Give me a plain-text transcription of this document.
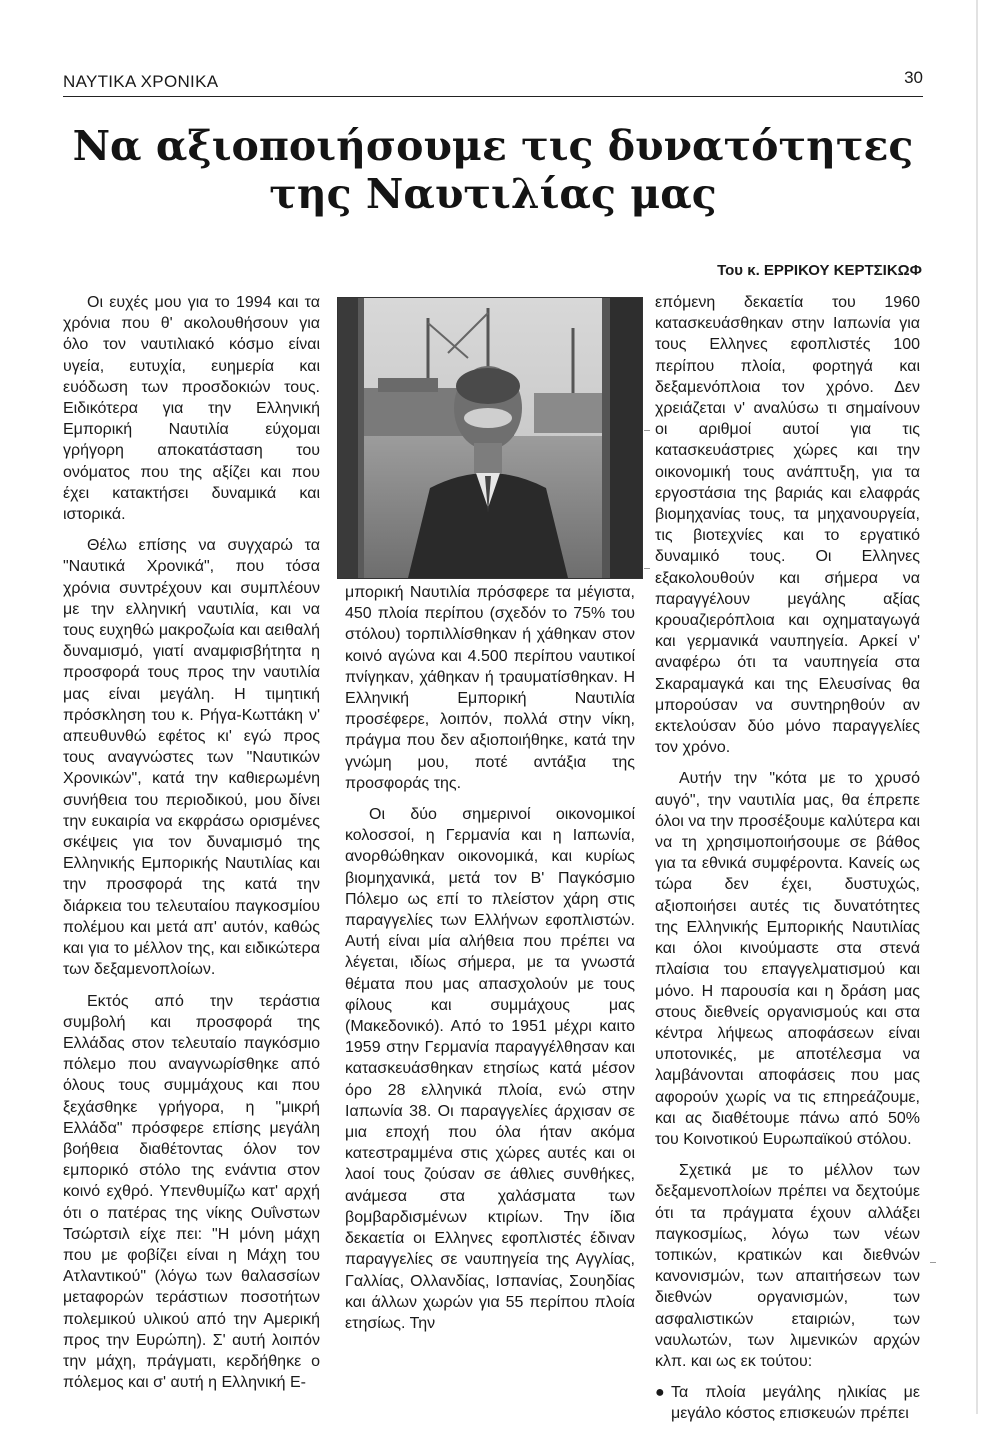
ΝΑΥΤΙΚΑ ΧΡΟΝΙΚΑ	30
Να αξιοποιήσουμε τις δυνατότητες της Ναυτιλίας μας
Του κ. ΕΡΡΙΚΟΥ ΚΕΡΤΣΙΚΩΦ

Οι ευχές μου για το 1994 και τα χρόνια που θ' ακολουθήσουν για όλο τον ναυτιλιακό κόσμο είναι υγεία, ευτυχία, ευημερία και ευόδωση των προσδοκιών τους. Ειδικότερα για την Ελληνική Εμπορική Ναυτιλία εύχομαι γρήγορη αποκατάσταση του ονόματος που της αξίζει και που έχει κατακτήσει δυναμικά και ιστορικά.

Θέλω επίσης να συγχαρώ τα "Ναυτικά Χρονικά", που τόσα χρόνια συντρέχουν και συμπλέουν με την ελληνική ναυτιλία, και να τους ευχηθώ μακροζωία και αειθαλή δυναμισμό, γιατί αναμφισβήτητα η προσφορά τους προς την ναυτιλία μας είναι μεγάλη. Η τιμητική πρόσκληση του κ. Ρήγα-Κωττάκη ν' απευθυνθώ εφέτος κι' εγώ προς τους αναγνώστες των "Ναυτικών Χρονικών", κατά την καθιερωμένη συνήθεια του περιοδικού, μου δίνει την ευκαιρία να εκφράσω ορισμένες σκέψεις για τον δυναμισμό της Ελληνικής Εμπορικής Ναυτιλίας και την προσφορά της κατά την διάρκεια του τελευταίου παγκοσμίου πολέμου και μετά απ' αυτόν, καθώς και για το μέλλον της, και ειδικώτερα των δεξαμενοπλοίων.

Εκτός από την τεράστια συμβολή και προσφορά της Ελλάδας στον τελευταίο παγκόσμιο πόλεμο που αναγνωρίσθηκε από όλους τους συμμάχους και που ξεχάσθηκε γρήγορα, η "μικρή Ελλάδα" πρόσφερε επίσης μεγάλη βοήθεια διαθέτοντας όλον τον εμπορικό στόλο της ενάντια στον κοινό εχθρό. Υπενθυμίζω κατ' αρχή ότι ο πατέρας της νίκης Ουΐνστων Τσώρτσιλ είχε πει: "Η μόνη μάχη που με φοβίζει είναι η Μάχη του Ατλαντικού" (λόγω των θαλασσίων μεταφορών τεράστιων ποσοτήτων πολεμικού υλικού από την Αμερική προς την Ευρώπη). Σ' αυτή λοιπόν την μάχη, πράγματι, κερδήθηκε ο πόλεμος και σ' αυτή η Ελληνική Ε-

μπορική Ναυτιλία πρόσφερε τα μέγιστα, 450 πλοία περίπου (σχεδόν το 75% του στόλου) τορπιλλίσθηκαν ή χάθηκαν στον κοινό αγώνα και 4.500 περίπου ναυτικοί πνίγηκαν, χάθηκαν ή τραυματίσθηκαν. Η Ελληνική Εμπορική Ναυτιλία προσέφερε, λοιπόν, πολλά στην νίκη, πράγμα που δεν αξιοποιήθηκε, κατά την γνώμη μου, ποτέ αντάξια της προσφοράς της.

Οι δύο σημερινοί οικονομικοί κολοσσοί, η Γερμανία και η Ιαπωνία, ανορθώθηκαν οικονομικά, και κυρίως βιομηχανικά, μετά τον Β' Παγκόσμιο Πόλεμο ως επί το πλείστον χάρη στις παραγγελίες των Ελλήνων εφοπλιστών. Αυτή είναι μία αλήθεια που πρέπει να λέγεται, ιδίως σήμερα, με τα γνωστά θέματα που μας απασχολούν με τους φίλους και συμμάχους μας (Μακεδονικό). Από το 1951 μέχρι καιτο 1959 στην Γερμανία παραγγέλθησαν και κατασκευάσθηκαν ετησίως κατά μέσον όρο 28 ελληνικά πλοία, ενώ στην Ιαπωνία 38. Οι παραγγελίες άρχισαν σε μια εποχή που όλα ήταν ακόμα κατεστραμμένα στις χώρες αυτές και οι λαοί τους ζούσαν σε άθλιες συνθήκες, ανάμεσα στα χαλάσματα των βομβαρδισμένων κτιρίων. Την ίδια δεκαετία οι Ελληνες εφοπλιστές έδιναν παραγγελίες σε ναυπηγεία της Αγγλίας, Γαλλίας, Ολλανδίας, Ισπανίας, Σουηδίας και άλλων χωρών για 55 περίπου πλοία ετησίως. Την

επόμενη δεκαετία του 1960 κατασκευάσθηκαν στην Ιαπωνία για τους Ελληνες εφοπλιστές 100 περίπου πλοία, φορτηγά και δεξαμενόπλοια τον χρόνο. Δεν χρειάζεται ν' αναλύσω τι σημαίνουν οι αριθμοί αυτοί για τις κατασκευάστριες χώρες και την οικονομική τους ανάπτυξη, για τα εργοστάσια της βαριάς και ελαφράς βιομηχανίας τους, τα μηχανουργεία, τις βιοτεχνίες και το εργατικό δυναμικό τους. Οι Ελληνες εξακολουθούν και σήμερα να παραγγέλουν μεγάλης αξίας κρουαζιερόπλοια και οχηματαγωγά και γερμανικά ναυπηγεία. Αρκεί ν' αναφέρω ότι τα ναυπηγεία στα Σκαραμαγκά και της Ελευσίνας θα μπορούσαν να συντηρηθούν αν εκτελούσαν δύο μόνο παραγγελίες τον χρόνο.

Αυτήν την "κότα με το χρυσό αυγό", την ναυτιλία μας, θα έπρεπε όλοι να την προσέξουμε καλύτερα και να τη χρησιμοποιήσουμε σε βάθος για τα εθνικά συμφέροντα. Κανείς ως τώρα δεν έχει, δυστυχώς, αξιοποιήσει αυτές τις δυνατότητες της Ελληνικής Εμπορικής Ναυτιλίας και όλοι κινούμαστε στα στενά πλαίσια του επαγγελματισμού και μόνο. Η παρουσία και η δράση μας στους διεθνείς οργανισμούς και στα κέντρα λήψεως αποφάσεων είναι υποτονικές, με αποτέλεσμα να λαμβάνονται αποφάσεις που μας αφορούν χωρίς να τις επηρεάζουμε, και ας διαθέτουμε πάνω από 50% του Κοινοτικού Ευρωπαϊκού στόλου.

Σχετικά με το μέλλον των δεξαμενοπλοίων πρέπει να δεχτούμε ότι τα πράγματα έχουν αλλάξει παγκοσμίως, λόγω των νέων τοπικών, κρατικών και διεθνών κανονισμών, των απαιτήσεων των διεθνών οργανισμών, των ασφαλιστικών εταιριών, των ναυλωτών, των λιμενικών αρχών κλπ. και ως εκ τούτου:

● Τα πλοία μεγάλης ηλικίας με μεγάλο κόστος επισκευών πρέπει
